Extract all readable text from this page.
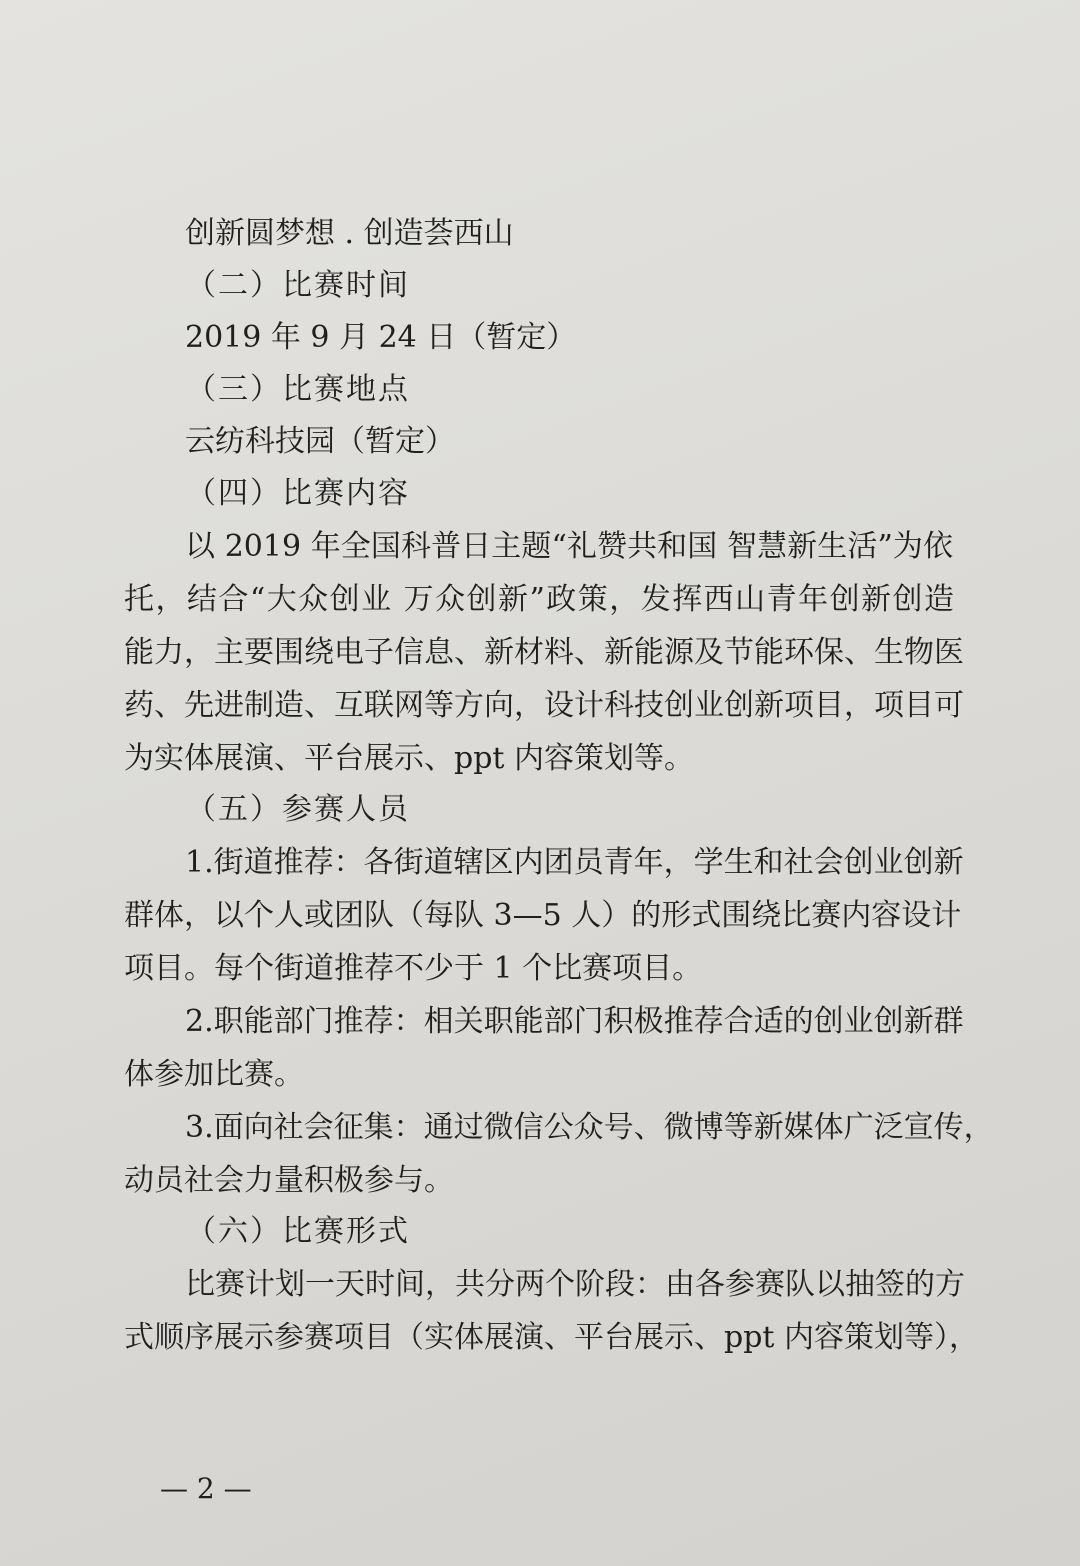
创新圆梦想 . 创造荟西山
（二）比赛时间
2019 年 9 月 24 日（暂定）
（三）比赛地点
云纺科技园（暂定）
（四）比赛内容
以 2019 年全国科普日主题“礼赞共和国 智慧新生活”为依
托，结合“大众创业 万众创新”政策，发挥西山青年创新创造
能力，主要围绕电子信息、新材料、新能源及节能环保、生物医
药、先进制造、互联网等方向，设计科技创业创新项目，项目可
为实体展演、平台展示、ppt 内容策划等。
（五）参赛人员
1.街道推荐：各街道辖区内团员青年，学生和社会创业创新
群体，以个人或团队（每队 3—5 人）的形式围绕比赛内容设计
项目。每个街道推荐不少于 1 个比赛项目。
2.职能部门推荐：相关职能部门积极推荐合适的创业创新群
体参加比赛。
3.面向社会征集：通过微信公众号、微博等新媒体广泛宣传，
动员社会力量积极参与。
（六）比赛形式
比赛计划一天时间，共分两个阶段：由各参赛队以抽签的方
式顺序展示参赛项目（实体展演、平台展示、ppt 内容策划等），
— 2 —
